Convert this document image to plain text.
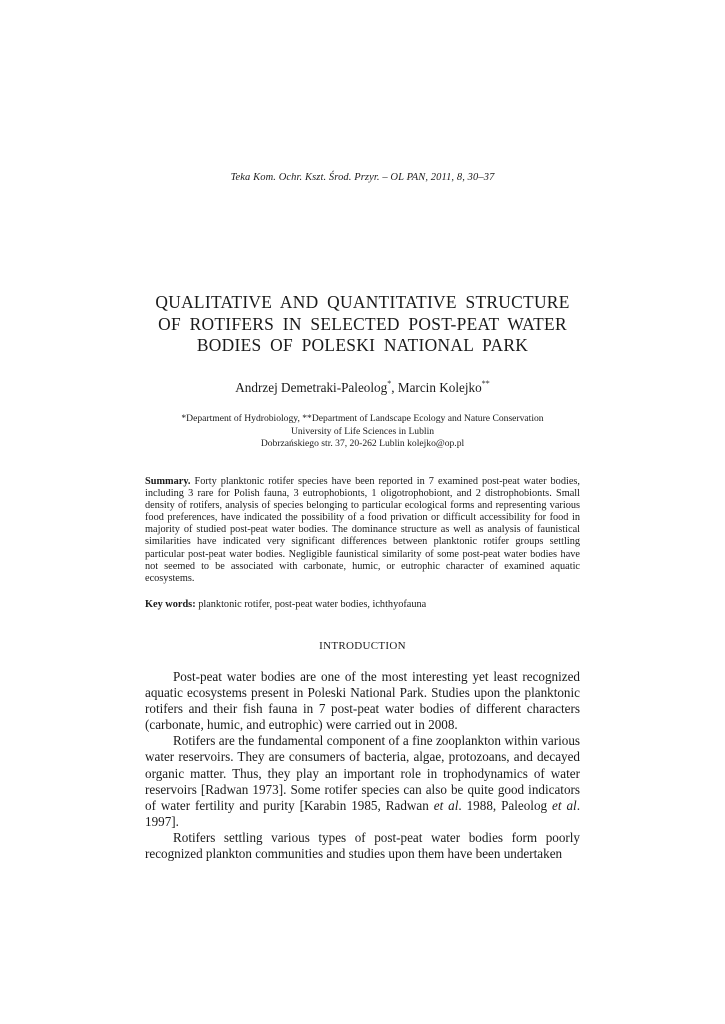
Teka Kom. Ochr. Kszt. Środ. Przyr. – OL PAN, 2011, 8, 30–37
QUALITATIVE AND QUANTITATIVE STRUCTURE
OF ROTIFERS IN SELECTED POST-PEAT WATER
BODIES OF POLESKI NATIONAL PARK
Andrzej Demetraki-Paleolog*, Marcin Kolejko**
*Department of Hydrobiology, **Department of Landscape Ecology and Nature Conservation
University of Life Sciences in Lublin
Dobrzańskiego str. 37, 20-262 Lublin kolejko@op.pl
Summary. Forty planktonic rotifer species have been reported in 7 examined post-peat water bodies, including 3 rare for Polish fauna, 3 eutrophobionts, 1 oligotrophobiont, and 2 distrophobionts. Small density of rotifers, analysis of species belonging to particular ecological forms and representing various food preferences, have indicated the possibility of a food privation or difficult accessibility for food in majority of studied post-peat water bodies. The dominance structure as well as analysis of faunistical similarities have indicated very significant differences between planktonic rotifer groups settling particular post-peat water bodies. Negligible faunistical similarity of some post-peat water bodies have not seemed to be associated with carbonate, humic, or eutrophic character of examined aquatic ecosystems.
Key words: planktonic rotifer, post-peat water bodies, ichthyofauna
INTRODUCTION

Post-peat water bodies are one of the most interesting yet least recognized aquatic ecosystems present in Poleski National Park. Studies upon the planktonic rotifers and their fish fauna in 7 post-peat water bodies of different characters (carbonate, humic, and eutrophic) were carried out in 2008.

Rotifers are the fundamental component of a fine zooplankton within various water reservoirs. They are consumers of bacteria, algae, protozoans, and decayed organic matter. Thus, they play an important role in trophodynamics of water reservoirs [Radwan 1973]. Some rotifer species can also be quite good indicators of water fertility and purity [Karabin 1985, Radwan et al. 1988, Paleolog et al. 1997].

Rotifers settling various types of post-peat water bodies form poorly recognized plankton communities and studies upon them have been undertaken
